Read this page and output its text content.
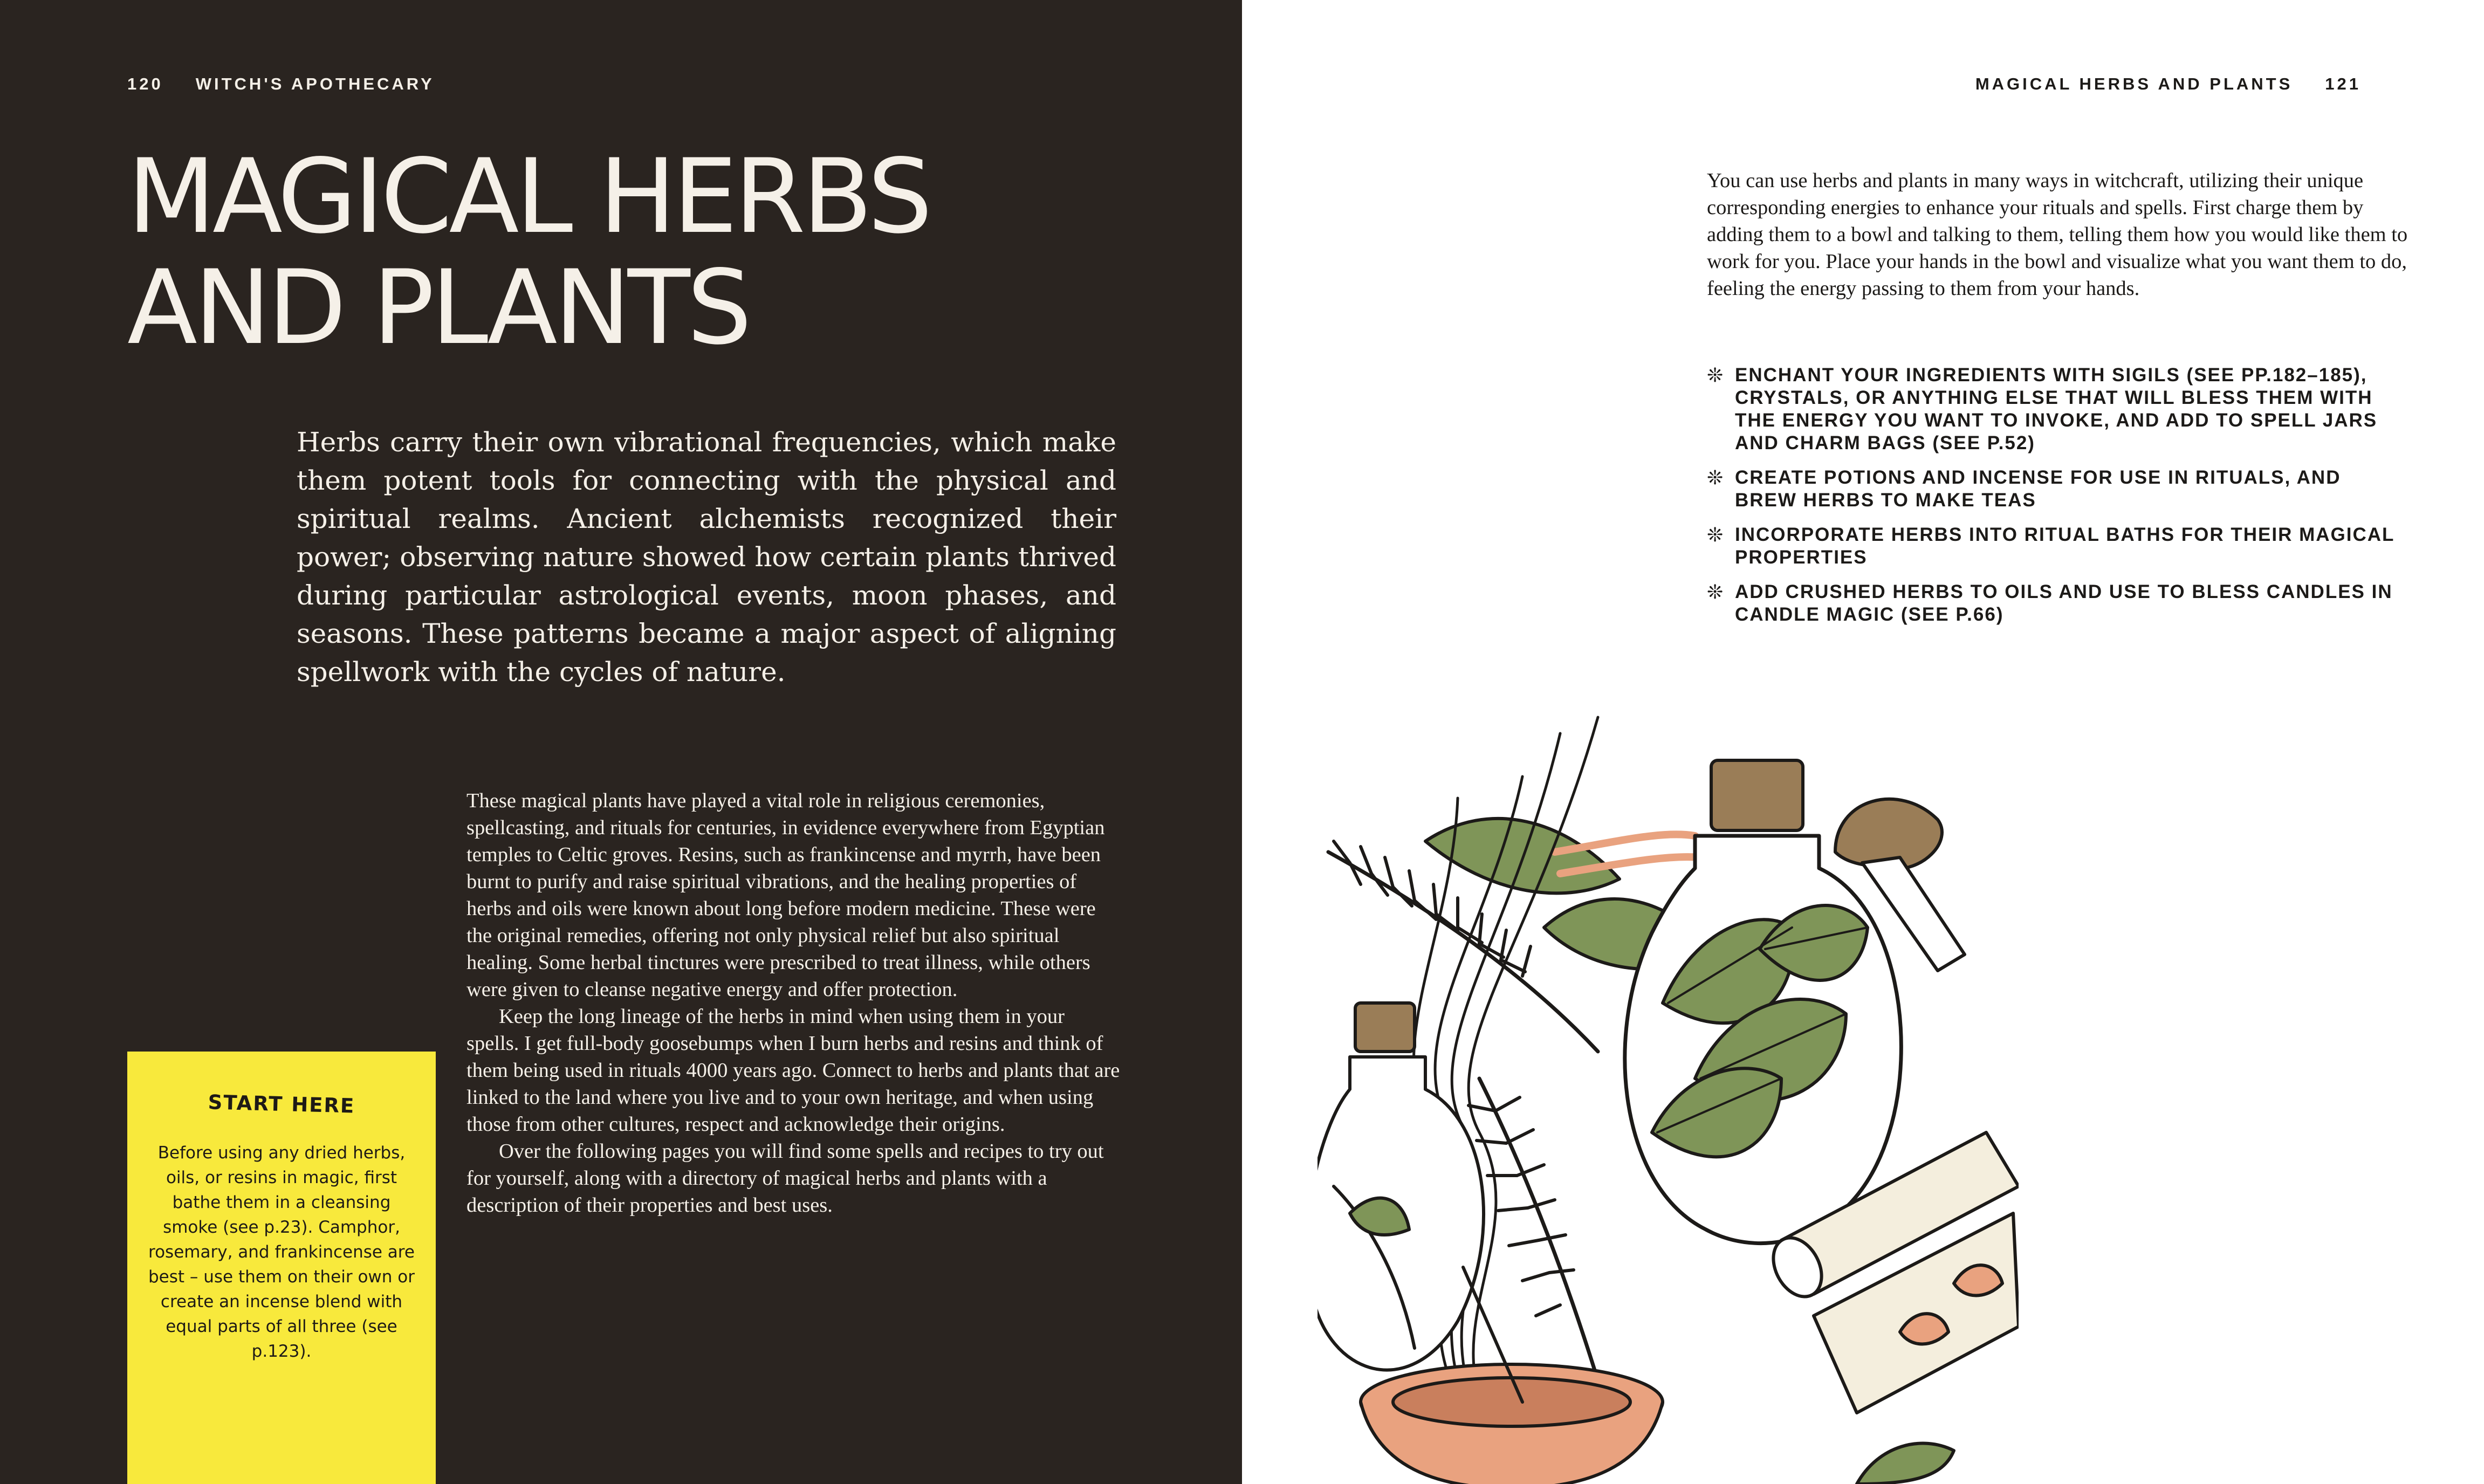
120 WITCH'S APOTHECARY
MAGICAL HERBS
AND PLANTS

Herbs carry their own vibrational frequencies, which make them potent tools for connecting with the physical and spiritual realms. Ancient alchemists recognized their power; observing nature showed how certain plants thrived during particular astrological events, moon phases, and seasons. These patterns became a major aspect of aligning spellwork with the cycles of nature.

These magical plants have played a vital role in religious ceremonies, spellcasting, and rituals for centuries, in evidence everywhere from Egyptian temples to Celtic groves. Resins, such as frankincense and myrrh, have been burnt to purify and raise spiritual vibrations, and the healing properties of herbs and oils were known about long before modern medicine. These were the original remedies, offering not only physical relief but also spiritual healing. Some herbal tinctures were prescribed to treat illness, while others were given to cleanse negative energy and offer protection.

Keep the long lineage of the herbs in mind when using them in your spells. I get full-body goosebumps when I burn herbs and resins and think of them being used in rituals 4000 years ago. Connect to herbs and plants that are linked to the land where you live and to your own heritage, and when using those from other cultures, respect and acknowledge their origins.

Over the following pages you will find some spells and recipes to try out for yourself, along with a directory of magical herbs and plants with a description of their properties and best uses.

START HERE

Before using any dried herbs, oils, or resins in magic, first bathe them in a cleansing smoke (see p.23). Camphor, rosemary, and frankincense are best – use them on their own or create an incense blend with equal parts of all three (see p.123).

MAGICAL HERBS AND PLANTS 121

You can use herbs and plants in many ways in witchcraft, utilizing their unique corresponding energies to enhance your rituals and spells. First charge them by adding them to a bowl and talking to them, telling them how you would like them to work for you. Place your hands in the bowl and visualize what you want them to do, feeling the energy passing to them from your hands.

❊ ENCHANT YOUR INGREDIENTS WITH SIGILS (SEE PP.182–185), CRYSTALS, OR ANYTHING ELSE THAT WILL BLESS THEM WITH THE ENERGY YOU WANT TO INVOKE, AND ADD TO SPELL JARS AND CHARM BAGS (SEE P.52)
❊ CREATE POTIONS AND INCENSE FOR USE IN RITUALS, AND BREW HERBS TO MAKE TEAS
❊ INCORPORATE HERBS INTO RITUAL BATHS FOR THEIR MAGICAL PROPERTIES
❊ ADD CRUSHED HERBS TO OILS AND USE TO BLESS CANDLES IN CANDLE MAGIC (SEE P.66)
